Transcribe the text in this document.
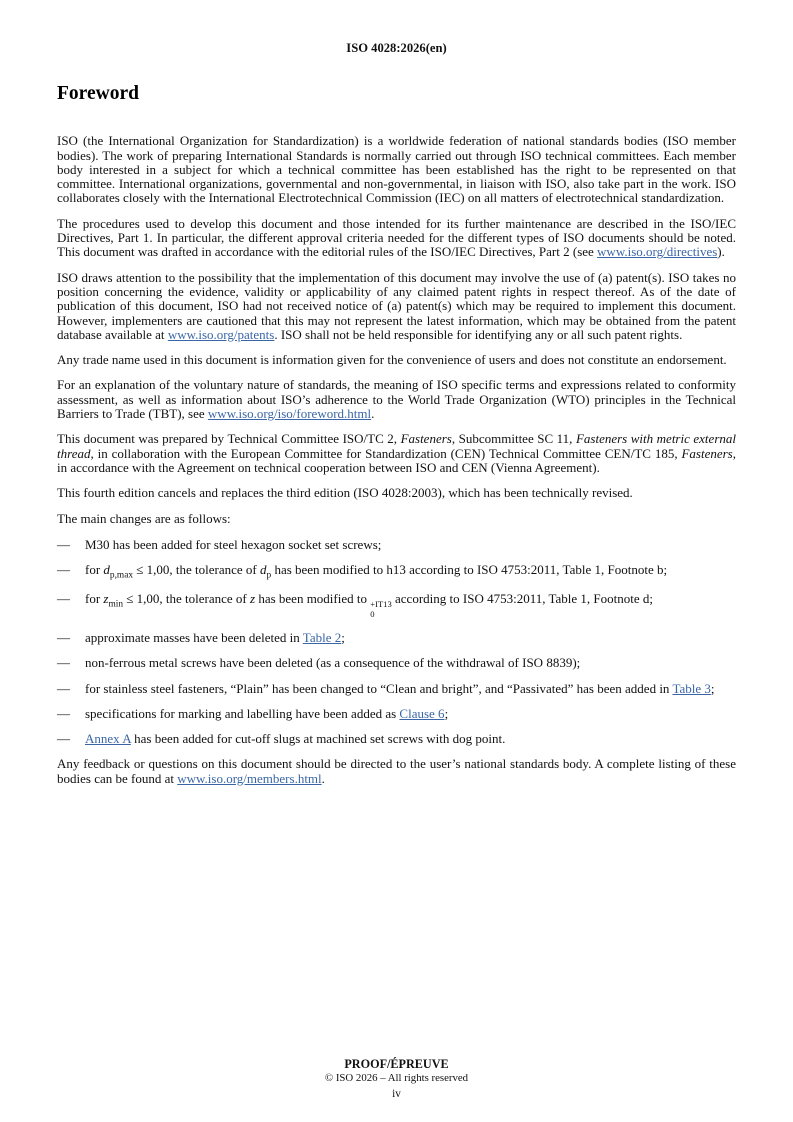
ISO 4028:2026(en)
Foreword

ISO (the International Organization for Standardization) is a worldwide federation of national standards bodies (ISO member bodies). The work of preparing International Standards is normally carried out through ISO technical committees. Each member body interested in a subject for which a technical committee has been established has the right to be represented on that committee. International organizations, governmental and non-governmental, in liaison with ISO, also take part in the work. ISO collaborates closely with the International Electrotechnical Commission (IEC) on all matters of electrotechnical standardization.

The procedures used to develop this document and those intended for its further maintenance are described in the ISO/IEC Directives, Part 1. In particular, the different approval criteria needed for the different types of ISO documents should be noted. This document was drafted in accordance with the editorial rules of the ISO/IEC Directives, Part 2 (see www.iso.org/directives).

ISO draws attention to the possibility that the implementation of this document may involve the use of (a) patent(s). ISO takes no position concerning the evidence, validity or applicability of any claimed patent rights in respect thereof. As of the date of publication of this document, ISO had not received notice of (a) patent(s) which may be required to implement this document. However, implementers are cautioned that this may not represent the latest information, which may be obtained from the patent database available at www.iso.org/patents. ISO shall not be held responsible for identifying any or all such patent rights.

Any trade name used in this document is information given for the convenience of users and does not constitute an endorsement.

For an explanation of the voluntary nature of standards, the meaning of ISO specific terms and expressions related to conformity assessment, as well as information about ISO’s adherence to the World Trade Organization (WTO) principles in the Technical Barriers to Trade (TBT), see www.iso.org/iso/foreword.html.

This document was prepared by Technical Committee ISO/TC 2, Fasteners, Subcommittee SC 11, Fasteners with metric external thread, in collaboration with the European Committee for Standardization (CEN) Technical Committee CEN/TC 185, Fasteners, in accordance with the Agreement on technical cooperation between ISO and CEN (Vienna Agreement).

This fourth edition cancels and replaces the third edition (ISO 4028:2003), which has been technically revised.

The main changes are as follows:

—	M30 has been added for steel hexagon socket set screws;
—	for $d_{p,max} \le 1,00$, the tolerance of $d_p$ has been modified to h13 according to ISO 4753:2011, Table 1, Footnote b;
—	for $z_{min} \le 1,00$, the tolerance of z has been modified to +IT13
0
according to ISO 4753:2011, Table 1, Footnote d;
—	approximate masses have been deleted in Table 2;
—	non-ferrous metal screws have been deleted (as a consequence of the withdrawal of ISO 8839);
—	for stainless steel fasteners, “Plain” has been changed to “Clean and bright”, and “Passivated” has been added in Table 3;
—	specifications for marking and labelling have been added as Clause 6;
—	Annex A has been added for cut-off slugs at machined set screws with dog point.

Any feedback or questions on this document should be directed to the user’s national standards body. A complete listing of these bodies can be found at www.iso.org/members.html.

PROOF/ÉPREUVE
© ISO 2026 – All rights reserved
iv
